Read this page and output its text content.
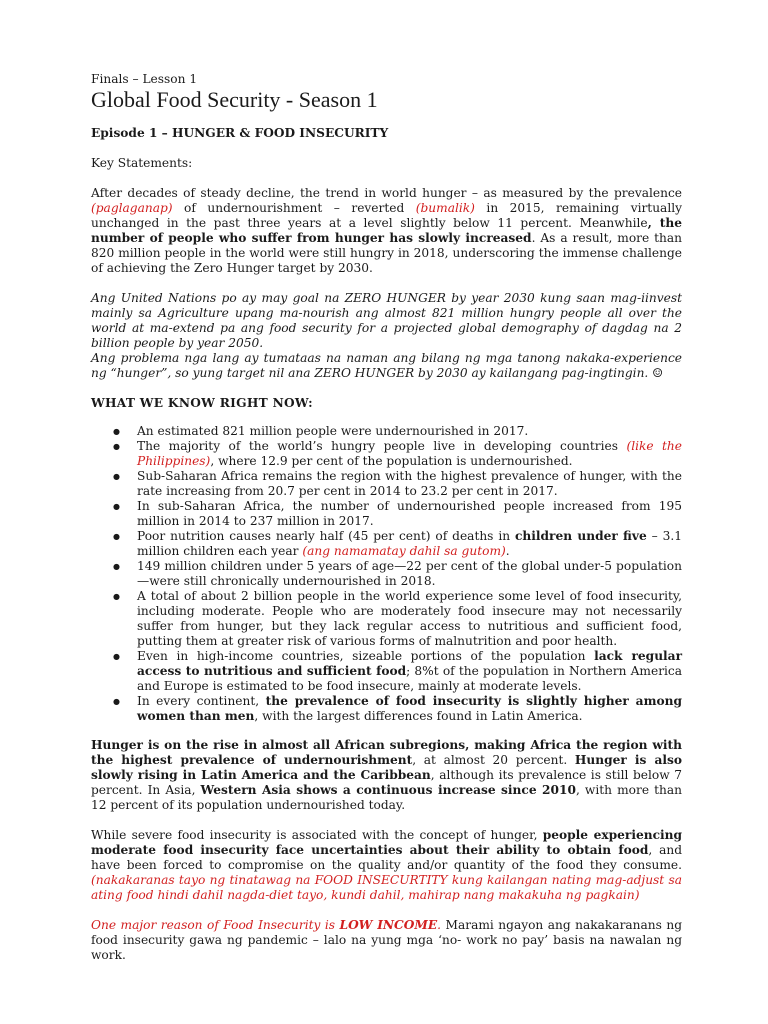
Finals – Lesson 1
Global Food Security - Season 1
Episode 1 – HUNGER & FOOD INSECURITY
Key Statements:

After decades of steady decline, the trend in world hunger – as measured by the prevalence (paglaganap) of undernourishment – reverted (bumalik) in 2015, remaining virtually unchanged in the past three years at a level slightly below 11 percent. Meanwhile, the number of people who suffer from hunger has slowly increased. As a result, more than 820 million people in the world were still hungry in 2018, underscoring the immense challenge of achieving the Zero Hunger target by 2030.

Ang United Nations po ay may goal na ZERO HUNGER by year 2030 kung saan mag-iinvest mainly sa Agriculture upang ma-nourish ang almost 821 million hungry people all over the world at ma-extend pa ang food security for a projected global demography of dagdag na 2 billion people by year 2050.
Ang problema nga lang ay tumataas na naman ang bilang ng mga tanong nakaka-experience ng “hunger”, so yung target nil ana ZERO HUNGER by 2030 ay kailangang pag-ingtingin. ☺

WHAT WE KNOW RIGHT NOW:
● An estimated 821 million people were undernourished in 2017.
● The majority of the world’s hungry people live in developing countries (like the Philippines), where 12.9 per cent of the population is undernourished.
● Sub-Saharan Africa remains the region with the highest prevalence of hunger, with the rate increasing from 20.7 per cent in 2014 to 23.2 per cent in 2017.
● In sub-Saharan Africa, the number of undernourished people increased from 195 million in 2014 to 237 million in 2017.
● Poor nutrition causes nearly half (45 per cent) of deaths in children under five – 3.1 million children each year (ang namamatay dahil sa gutom).
● 149 million children under 5 years of age—22 per cent of the global under-5 population—were still chronically undernourished in 2018.
● A total of about 2 billion people in the world experience some level of food insecurity, including moderate. People who are moderately food insecure may not necessarily suffer from hunger, but they lack regular access to nutritious and sufficient food, putting them at greater risk of various forms of malnutrition and poor health.
● Even in high-income countries, sizeable portions of the population lack regular access to nutritious and sufficient food; 8%t of the population in Northern America and Europe is estimated to be food insecure, mainly at moderate levels.
● In every continent, the prevalence of food insecurity is slightly higher among women than men, with the largest differences found in Latin America.

Hunger is on the rise in almost all African subregions, making Africa the region with the highest prevalence of undernourishment, at almost 20 percent. Hunger is also slowly rising in Latin America and the Caribbean, although its prevalence is still below 7 percent. In Asia, Western Asia shows a continuous increase since 2010, with more than 12 percent of its population undernourished today.

While severe food insecurity is associated with the concept of hunger, people experiencing moderate food insecurity face uncertainties about their ability to obtain food, and have been forced to compromise on the quality and/or quantity of the food they consume. (nakakaranas tayo ng tinatawag na FOOD INSECURTITY kung kailangan nating mag-adjust sa ating food hindi dahil nagda-diet tayo, kundi dahil, mahirap nang makakuha ng pagkain)

One major reason of Food Insecurity is LOW INCOME. Marami ngayon ang nakakaranans ng food insecurity gawa ng pandemic – lalo na yung mga ‘no- work no pay’ basis na nawalan ng work.
